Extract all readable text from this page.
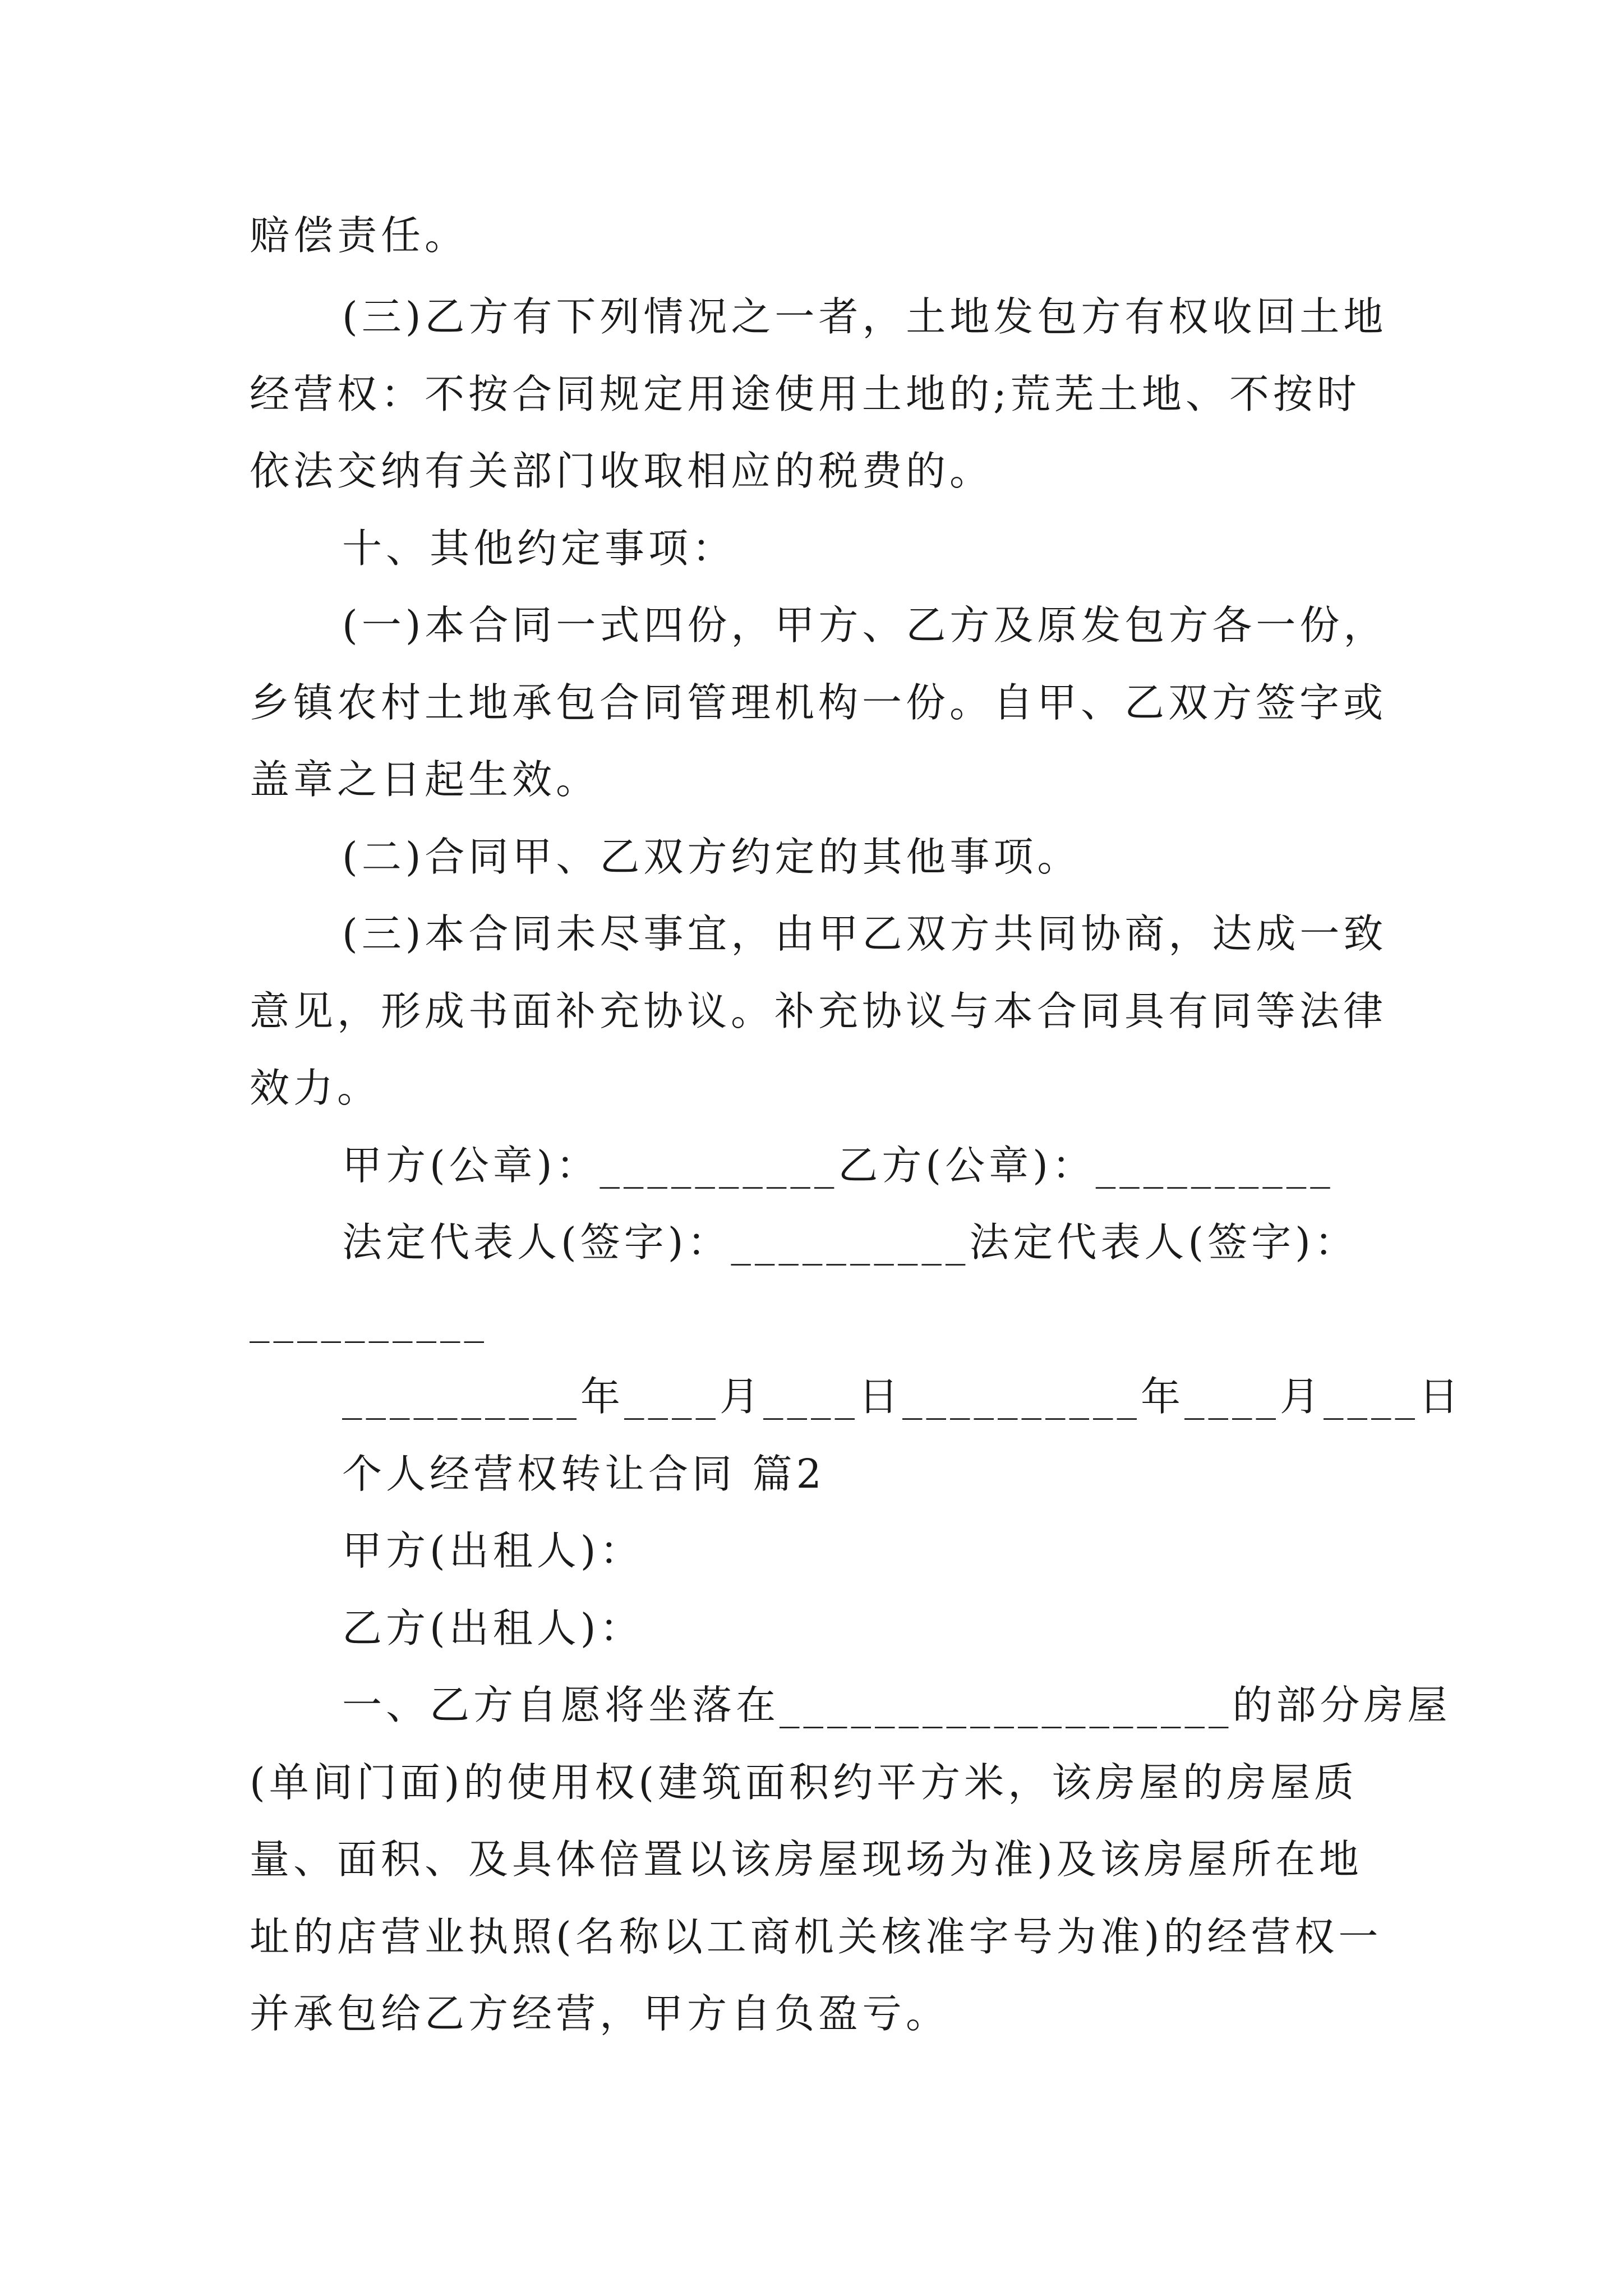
赔偿责任。
(三)乙方有下列情况之一者，土地发包方有权收回土地
经营权：不按合同规定用途使用土地的;荒芜土地、不按时
依法交纳有关部门收取相应的税费的。
十、其他约定事项：
(一)本合同一式四份，甲方、乙方及原发包方各一份，
乡镇农村土地承包合同管理机构一份。自甲、乙双方签字或
盖章之日起生效。
(二)合同甲、乙双方约定的其他事项。
(三)本合同未尽事宜，由甲乙双方共同协商，达成一致
意见，形成书面补充协议。补充协议与本合同具有同等法律
效力。
甲方(公章)：__________乙方(公章)：__________
法定代表人(签字)：__________法定代表人(签字)：
__________
__________年____月____日__________年____月____日
个人经营权转让合同 篇2
甲方(出租人)：
乙方(出租人)：
一、乙方自愿将坐落在___________________的部分房屋
(单间门面)的使用权(建筑面积约平方米，该房屋的房屋质
量、面积、及具体倍置以该房屋现场为准)及该房屋所在地
址的店营业执照(名称以工商机关核准字号为准)的经营权一
并承包给乙方经营，甲方自负盈亏。
